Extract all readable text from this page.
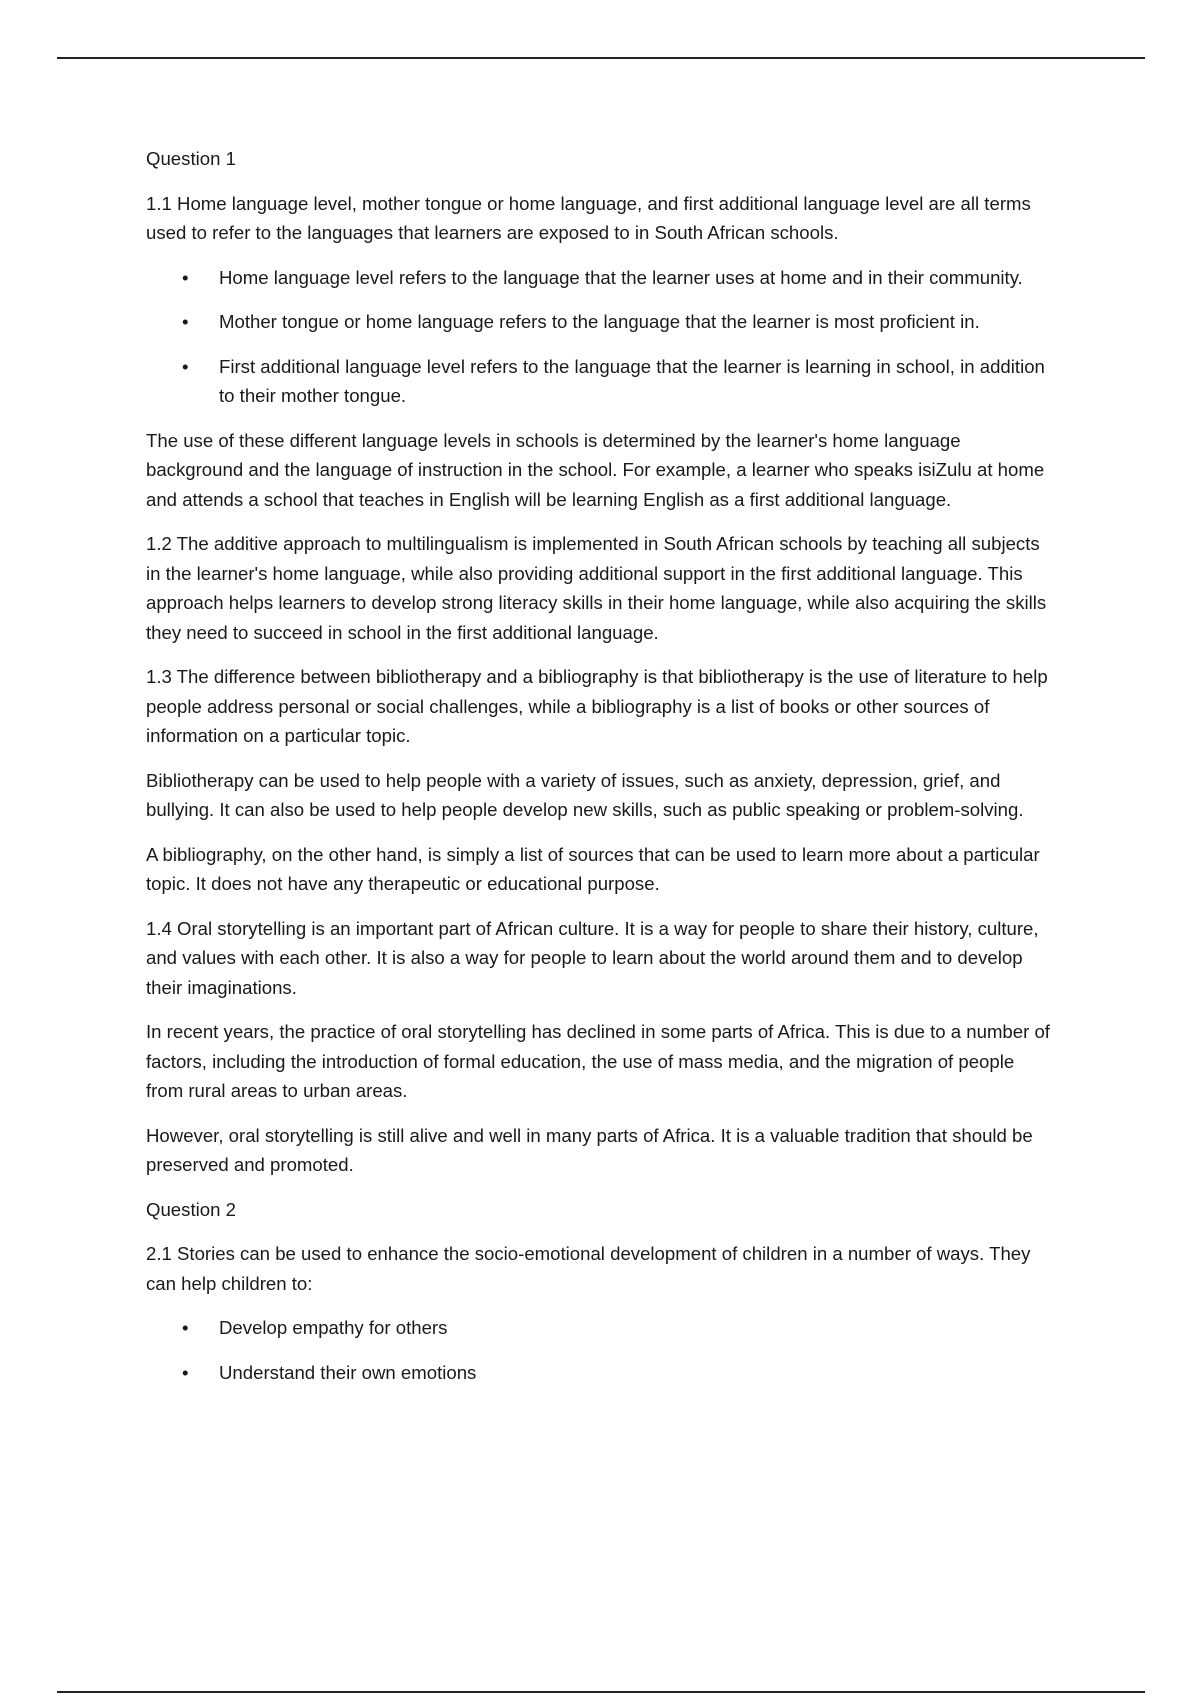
Question 1

1.1 Home language level, mother tongue or home language, and first additional language level are all terms used to refer to the languages that learners are exposed to in South African schools.

• Home language level refers to the language that the learner uses at home and in their community.
• Mother tongue or home language refers to the language that the learner is most proficient in.
• First additional language level refers to the language that the learner is learning in school, in addition to their mother tongue.

The use of these different language levels in schools is determined by the learner's home language background and the language of instruction in the school. For example, a learner who speaks isiZulu at home and attends a school that teaches in English will be learning English as a first additional language.

1.2 The additive approach to multilingualism is implemented in South African schools by teaching all subjects in the learner's home language, while also providing additional support in the first additional language. This approach helps learners to develop strong literacy skills in their home language, while also acquiring the skills they need to succeed in school in the first additional language.

1.3 The difference between bibliotherapy and a bibliography is that bibliotherapy is the use of literature to help people address personal or social challenges, while a bibliography is a list of books or other sources of information on a particular topic.

Bibliotherapy can be used to help people with a variety of issues, such as anxiety, depression, grief, and bullying. It can also be used to help people develop new skills, such as public speaking or problem-solving.

A bibliography, on the other hand, is simply a list of sources that can be used to learn more about a particular topic. It does not have any therapeutic or educational purpose.

1.4 Oral storytelling is an important part of African culture. It is a way for people to share their history, culture, and values with each other. It is also a way for people to learn about the world around them and to develop their imaginations.

In recent years, the practice of oral storytelling has declined in some parts of Africa. This is due to a number of factors, including the introduction of formal education, the use of mass media, and the migration of people from rural areas to urban areas.

However, oral storytelling is still alive and well in many parts of Africa. It is a valuable tradition that should be preserved and promoted.

Question 2

2.1 Stories can be used to enhance the socio-emotional development of children in a number of ways. They can help children to:

• Develop empathy for others
• Understand their own emotions
